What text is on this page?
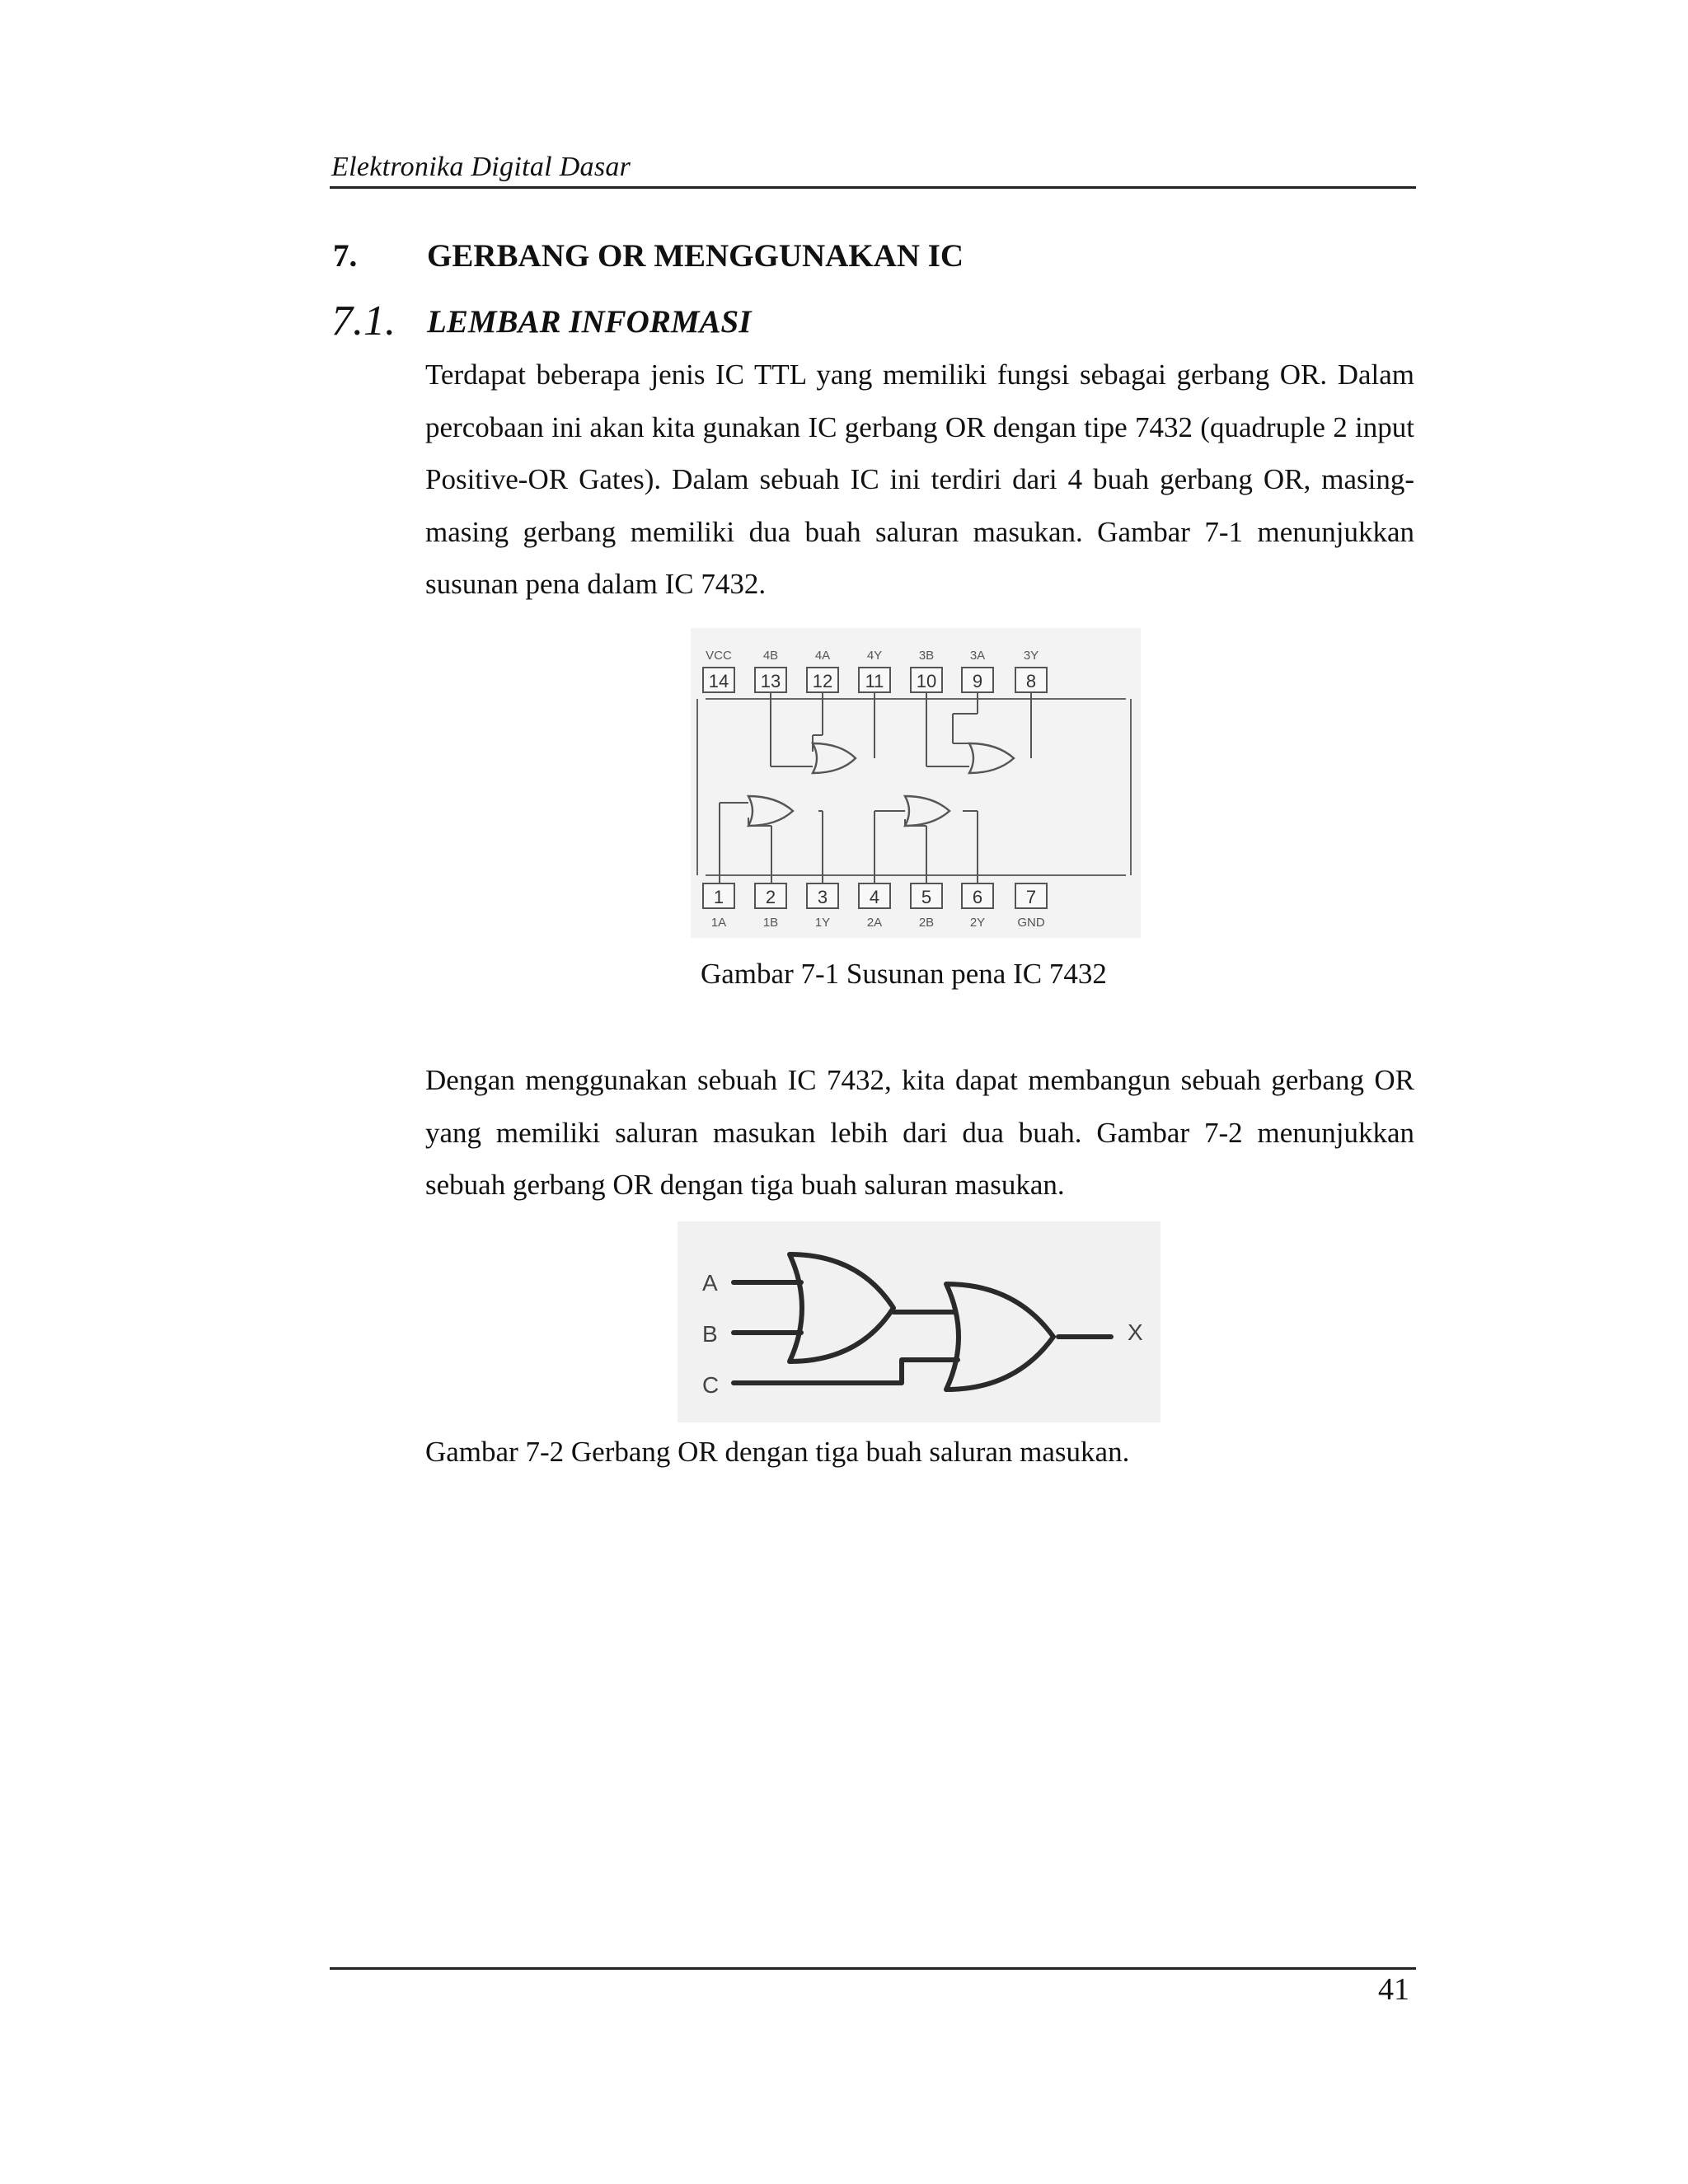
Elektronika Digital Dasar
7. GERBANG OR MENGGUNAKAN IC
7.1. LEMBAR INFORMASI

Terdapat beberapa jenis IC TTL yang memiliki fungsi sebagai gerbang OR. Dalam percobaan ini akan kita gunakan IC gerbang OR dengan tipe 7432 (quadruple 2 input Positive-OR Gates). Dalam sebuah IC ini terdiri dari 4 buah gerbang OR, masing-masing gerbang memiliki dua buah saluran masukan. Gambar 7-1 menunjukkan susunan pena dalam IC 7432.

14
VCC
13
4B
12
4A
11
4Y
10
3B
9
3A
8
3Y
1
1A
2
1B
3
1Y
4
2A
5
2B
6
2Y
7
GND
Gambar 7-1 Susunan pena IC 7432

Dengan menggunakan sebuah IC 7432, kita dapat membangun sebuah gerbang OR yang memiliki saluran masukan lebih dari dua buah. Gambar 7-2 menunjukkan sebuah gerbang OR dengan tiga buah saluran masukan.

A
B
C
X
Gambar 7-2 Gerbang OR dengan tiga buah saluran masukan.
41
